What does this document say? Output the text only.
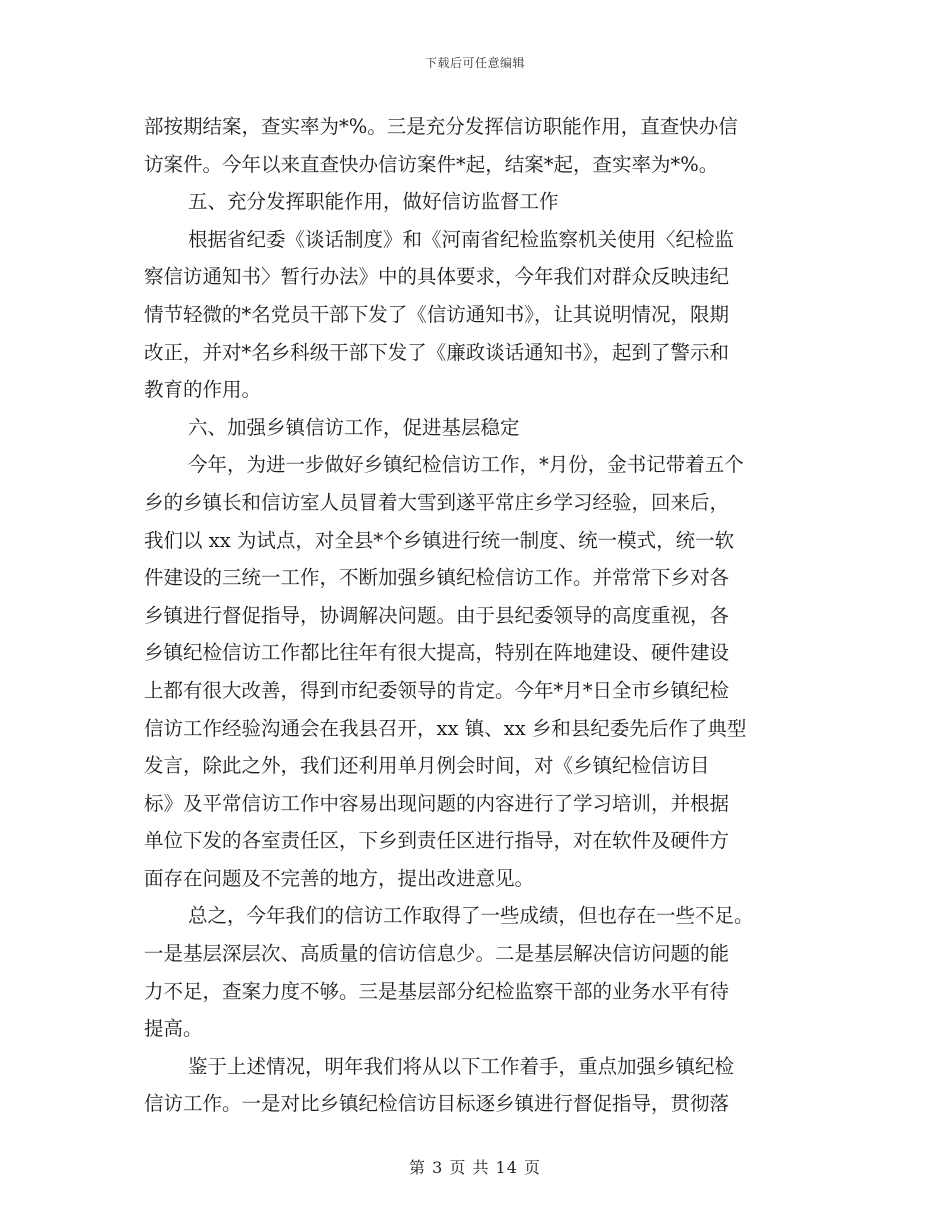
下载后可任意编辑
部按期结案，查实率为*%。三是充分发挥信访职能作用，直查快办信
访案件。今年以来直查快办信访案件*起，结案*起，查实率为*%。
五、充分发挥职能作用，做好信访监督工作
根据省纪委《谈话制度》和《河南省纪检监察机关使用〈纪检监
察信访通知书〉暂行办法》中的具体要求，今年我们对群众反映违纪
情节轻微的*名党员干部下发了《信访通知书》，让其说明情况，限期
改正，并对*名乡科级干部下发了《廉政谈话通知书》，起到了警示和
教育的作用。
六、加强乡镇信访工作，促进基层稳定
今年，为进一步做好乡镇纪检信访工作，*月份，金书记带着五个
乡的乡镇长和信访室人员冒着大雪到遂平常庄乡学习经验，回来后，
我们以 xx 为试点，对全县*个乡镇进行统一制度、统一模式，统一软
件建设的三统一工作，不断加强乡镇纪检信访工作。并常常下乡对各
乡镇进行督促指导，协调解决问题。由于县纪委领导的高度重视，各
乡镇纪检信访工作都比往年有很大提高，特别在阵地建设、硬件建设
上都有很大改善，得到市纪委领导的肯定。今年*月*日全市乡镇纪检
信访工作经验沟通会在我县召开，xx 镇、xx 乡和县纪委先后作了典型
发言，除此之外，我们还利用单月例会时间，对《乡镇纪检信访目
标》及平常信访工作中容易出现问题的内容进行了学习培训，并根据
单位下发的各室责任区，下乡到责任区进行指导，对在软件及硬件方
面存在问题及不完善的地方，提出改进意见。
总之，今年我们的信访工作取得了一些成绩，但也存在一些不足。
一是基层深层次、高质量的信访信息少。二是基层解决信访问题的能
力不足，查案力度不够。三是基层部分纪检监察干部的业务水平有待
提高。
鉴于上述情况，明年我们将从以下工作着手，重点加强乡镇纪检
信访工作。一是对比乡镇纪检信访目标逐乡镇进行督促指导，贯彻落
第 3 页 共 14 页
